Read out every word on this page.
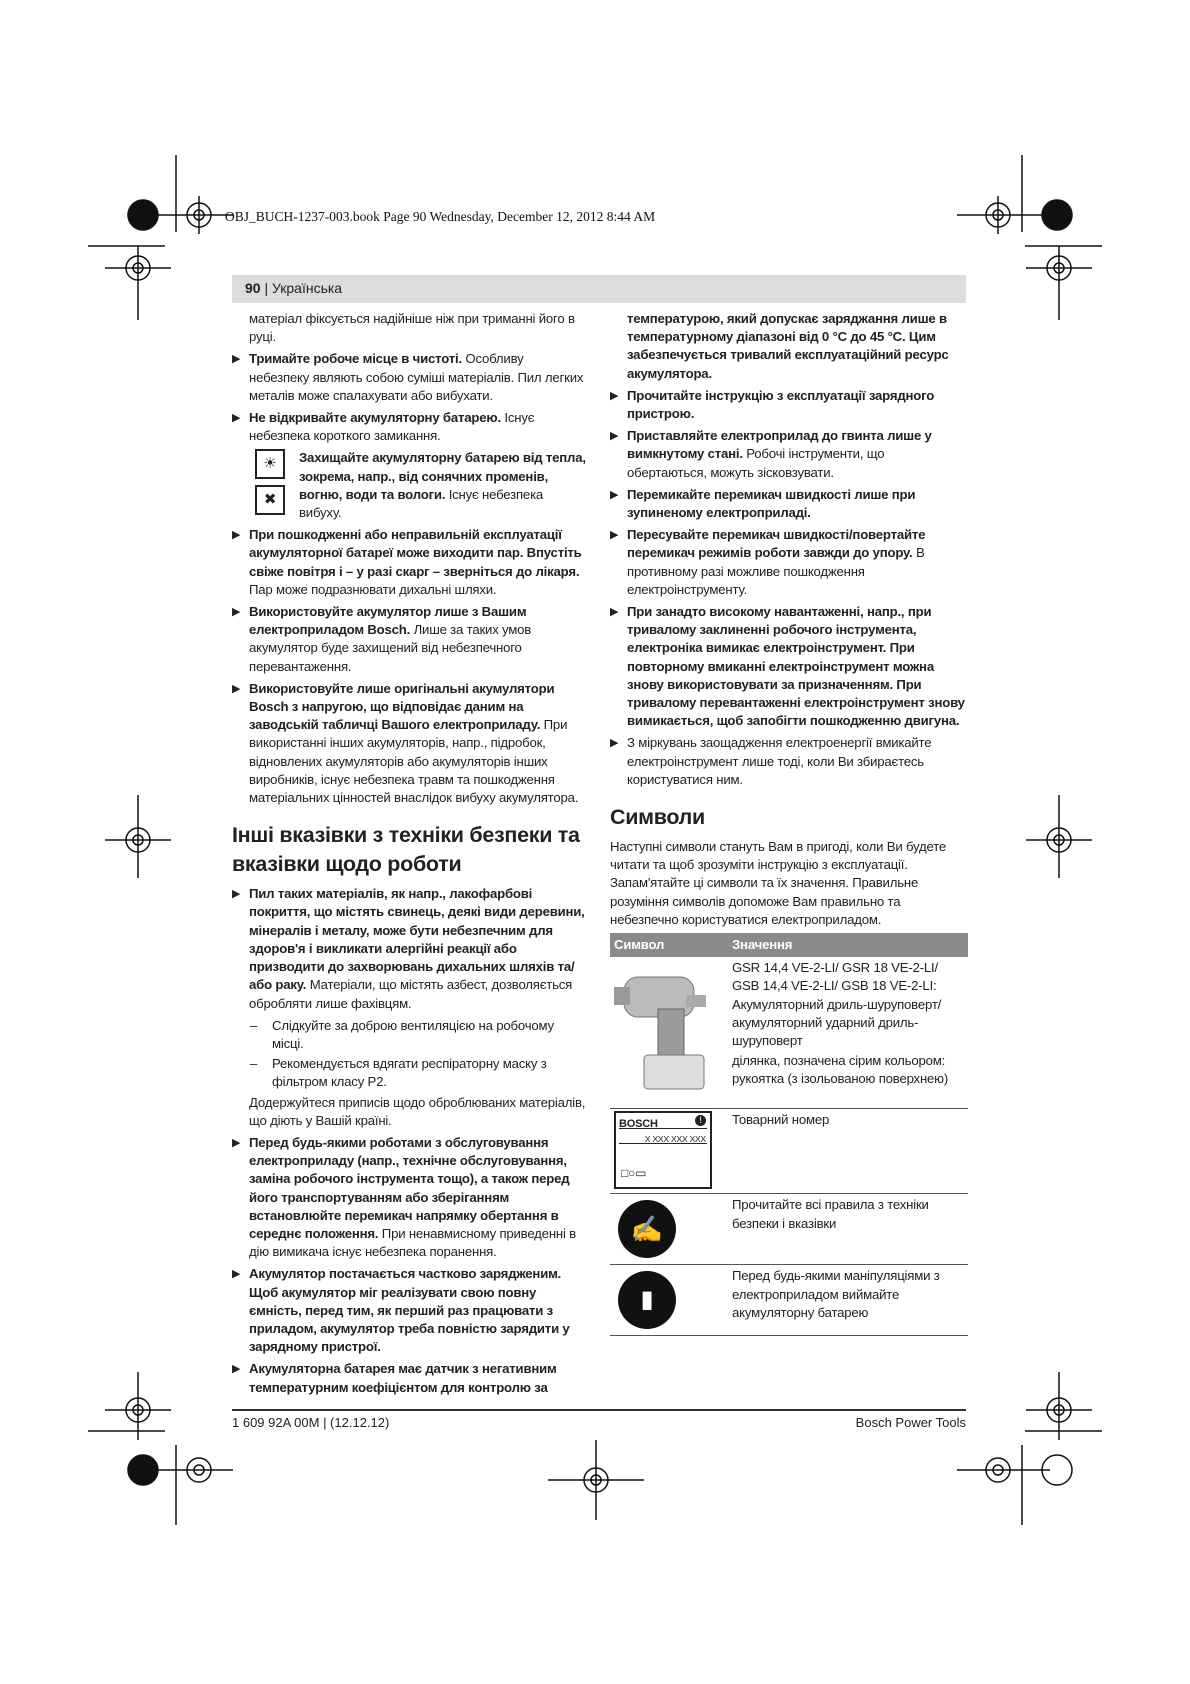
OBJ_BUCH-1237-003.book Page 90 Wednesday, December 12, 2012 8:44 AM
90 | Українська

матеріал фіксується надійніше ніж при триманні його в руці.

▶ Тримайте робоче місце в чистоті. Особливу небезпеку являють собою суміші матеріалів. Пил легких металів може спалахувати або вибухати.
▶ Не відкривайте акумуляторну батарею. Існує небезпека короткого замикання.
☀
✖
Захищайте акумуляторну батарею від тепла, зокрема, напр., від сонячних променів, вогню, води та вологи. Існує небезпека вибуху.
▶ При пошкодженні або неправильній експлуатації акумуляторної батареї може виходити пар. Впустіть свіже повітря і – у разі скарг – зверніться до лікаря. Пар може подразнювати дихальні шляхи.
▶ Використовуйте акумулятор лише з Вашим електроприладом Bosch. Лише за таких умов акумулятор буде захищений від небезпечного перевантаження.
▶ Використовуйте лише оригінальні акумулятори Bosch з напругою, що відповідає даним на заводській табличці Вашого електроприладу. При використанні інших акумуляторів, напр., підробок, відновлених акумуляторів або акумуляторів інших виробників, існує небезпека травм та пошкодження матеріальних цінностей внаслідок вибуху акумулятора.
Інші вказівки з техніки безпеки та вказівки щодо роботи
▶ Пил таких матеріалів, як напр., лакофарбові покриття, що містять свинець, деякі види деревини, мінералів і металу, може бути небезпечним для здоров'я і викликати алергійні реакції або призводити до захворювань дихальних шляхів та/або раку. Матеріали, що містять азбест, дозволяється обробляти лише фахівцям.
– Слідкуйте за доброю вентиляцією на робочому місці.
– Рекомендується вдягати респіраторну маску з фільтром класу P2.

Додержуйтеся приписів щодо оброблюваних матеріалів, що діють у Вашій країні.

▶ Перед будь-якими роботами з обслуговування електроприладу (напр., технічне обслуговування, заміна робочого інструмента тощо), а також перед його транспортуванням або зберіганням встановлюйте перемикач напрямку обертання в середнє положення. При ненавмисному приведенні в дію вимикача існує небезпека поранення.
▶ Акумулятор постачається частково зарядженим. Щоб акумулятор міг реалізувати свою повну ємність, перед тим, як перший раз працювати з приладом, акумулятор треба повністю зарядити у зарядному пристрої.
▶ Акумуляторна батарея має датчик з негативним температурним коефіцієнтом для контролю за

температурою, який допускає заряджання лише в температурному діапазоні від 0 °C до 45 °C. Цим забезпечується тривалий експлуатаційний ресурс акумулятора.

▶ Прочитайте інструкцію з експлуатації зарядного пристрою.
▶ Приставляйте електроприлад до гвинта лише у вимкнутому стані. Робочі інструменти, що обертаються, можуть зісковзувати.
▶ Перемикайте перемикач швидкості лише при зупиненому електроприладі.
▶ Пересувайте перемикач швидкості/повертайте перемикач режимів роботи завжди до упору. В противному разі можливе пошкодження електроінструменту.
▶ При занадто високому навантаженні, напр., при тривалому заклиненні робочого інструмента, електроніка вимикає електроінструмент. При повторному вмиканні електроінструмент можна знову використовувати за призначенням. При тривалому перевантаженні електроінструмент знову вимикається, щоб запобігти пошкодженню двигуна.
▶ З міркувань заощадження електроенергії вмикайте електроінструмент лише тоді, коли Ви збираєтесь користуватися ним.
Символи

Наступні символи стануть Вам в пригоді, коли Ви будете читати та щоб зрозуміти інструкцію з експлуатації. Запам'ятайте ці символи та їх значення. Правильне розуміння символів допоможе Вам правильно та небезпечно користуватися електроприладом.

Символ	Значення

GSR 14,4 VE-2-LI/ GSR 18 VE-2-LI/ GSB 14,4 VE-2-LI/ GSB 18 VE-2-LI: Акумуляторний дриль-шуруповерт/акумуляторний ударний дриль-шуруповерт
ділянка, позначена сірим кольором: рукоятка (з ізольованою поверхнею)

BOSCH !
X XXX XXX XXX
□○▭	Товарний номер

✍	Прочитайте всі правила з техніки безпеки і вказівки

▮	Перед будь-якими маніпуляціями з електроприладом виймайте акумуляторну батарею
1 609 92A 00M | (12.12.12)	Bosch Power Tools
